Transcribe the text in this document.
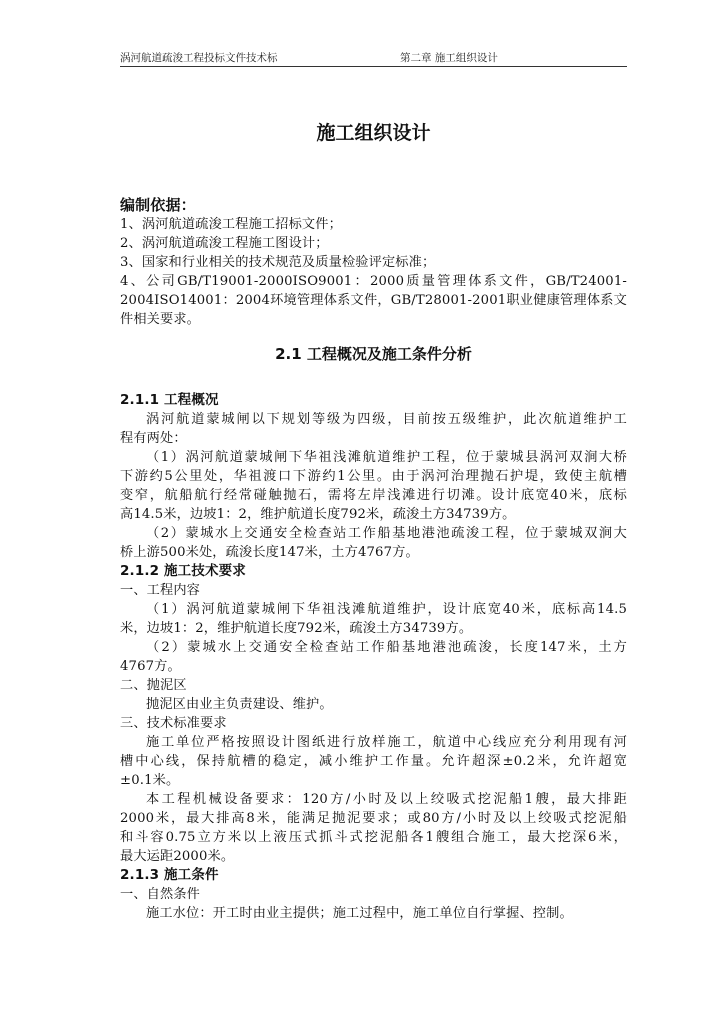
涡河航道疏浚工程投标文件技术标	第二章 施工组织设计
施工组织设计
编制依据：
1、涡河航道疏浚工程施工招标文件；
2、涡河航道疏浚工程施工图设计；
3、国家和行业相关的技术规范及质量检验评定标准；
4、公司GB/T19001-2000ISO9001：2000质量管理体系文件，GB/T24001-
2004ISO14001：2004环境管理体系文件，GB/T28001-2001职业健康管理体系文
件相关要求。
2.1 工程概况及施工条件分析
2.1.1 工程概况
涡河航道蒙城闸以下规划等级为四级，目前按五级维护，此次航道维护工
程有两处：
（1）涡河航道蒙城闸下华祖浅滩航道维护工程，位于蒙城县涡河双涧大桥
下游约5公里处，华祖渡口下游约1公里。由于涡河治理抛石护堤，致使主航槽
变窄，航船航行经常碰触抛石，需将左岸浅滩进行切滩。设计底宽40米，底标
高14.5米，边坡1：2，维护航道长度792米，疏浚土方34739方。
（2）蒙城水上交通安全检查站工作船基地港池疏浚工程，位于蒙城双涧大
桥上游500米处，疏浚长度147米，土方4767方。
2.1.2 施工技术要求
一、工程内容
（1）涡河航道蒙城闸下华祖浅滩航道维护，设计底宽40米，底标高14.5
米，边坡1：2，维护航道长度792米，疏浚土方34739方。
（2）蒙城水上交通安全检查站工作船基地港池疏浚，长度147米，土方
4767方。
二、抛泥区
抛泥区由业主负责建设、维护。
三、技术标准要求
施工单位严格按照设计图纸进行放样施工，航道中心线应充分利用现有河
槽中心线，保持航槽的稳定，减小维护工作量。允许超深±0.2米，允许超宽
±0.1米。
本工程机械设备要求：120方/小时及以上绞吸式挖泥船1艘，最大排距
2000米，最大排高8米，能满足抛泥要求；或80方/小时及以上绞吸式挖泥船
和斗容0.75立方米以上液压式抓斗式挖泥船各1艘组合施工，最大挖深6米，
最大运距2000米。
2.1.3 施工条件
一、自然条件
施工水位：开工时由业主提供；施工过程中，施工单位自行掌握、控制。
